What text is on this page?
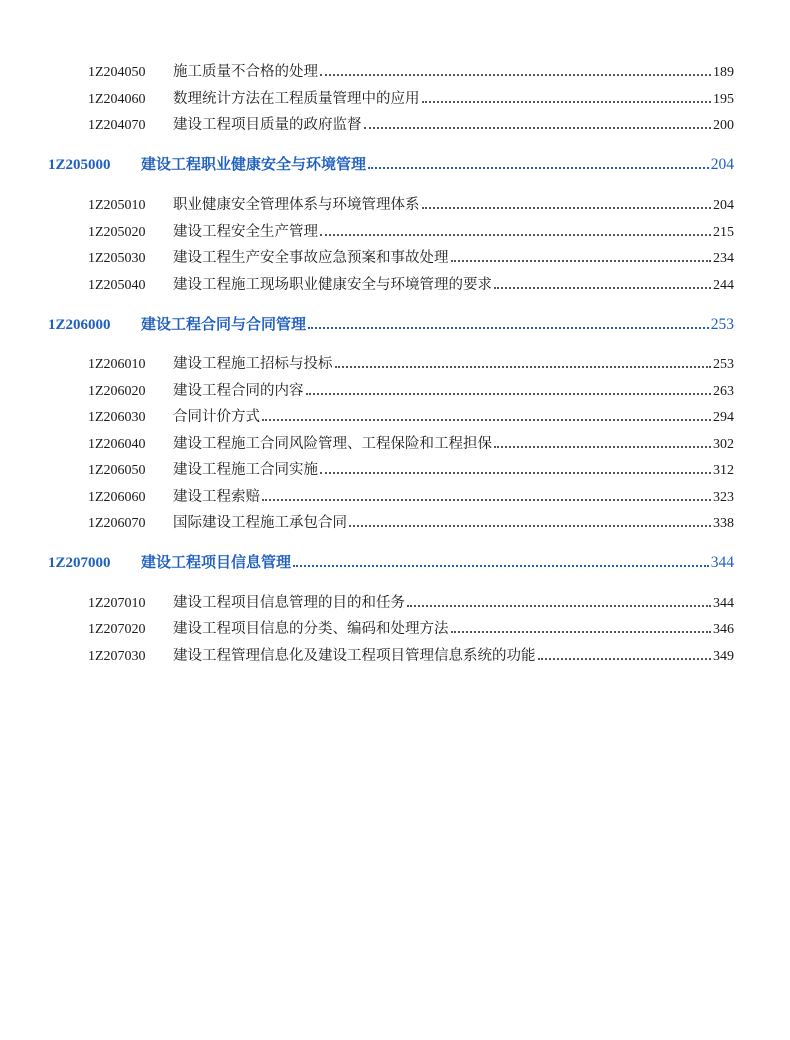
1Z204050	施工质量不合格的处理	189
1Z204060	数理统计方法在工程质量管理中的应用	195
1Z204070	建设工程项目质量的政府监督	200
1Z205000	建设工程职业健康安全与环境管理	204
1Z205010	职业健康安全管理体系与环境管理体系	204
1Z205020	建设工程安全生产管理	215
1Z205030	建设工程生产安全事故应急预案和事故处理	234
1Z205040	建设工程施工现场职业健康安全与环境管理的要求	244
1Z206000	建设工程合同与合同管理	253
1Z206010	建设工程施工招标与投标	253
1Z206020	建设工程合同的内容	263
1Z206030	合同计价方式	294
1Z206040	建设工程施工合同风险管理、工程保险和工程担保	302
1Z206050	建设工程施工合同实施	312
1Z206060	建设工程索赔	323
1Z206070	国际建设工程施工承包合同	338
1Z207000	建设工程项目信息管理	344
1Z207010	建设工程项目信息管理的目的和任务	344
1Z207020	建设工程项目信息的分类、编码和处理方法	346
1Z207030	建设工程管理信息化及建设工程项目管理信息系统的功能	349
